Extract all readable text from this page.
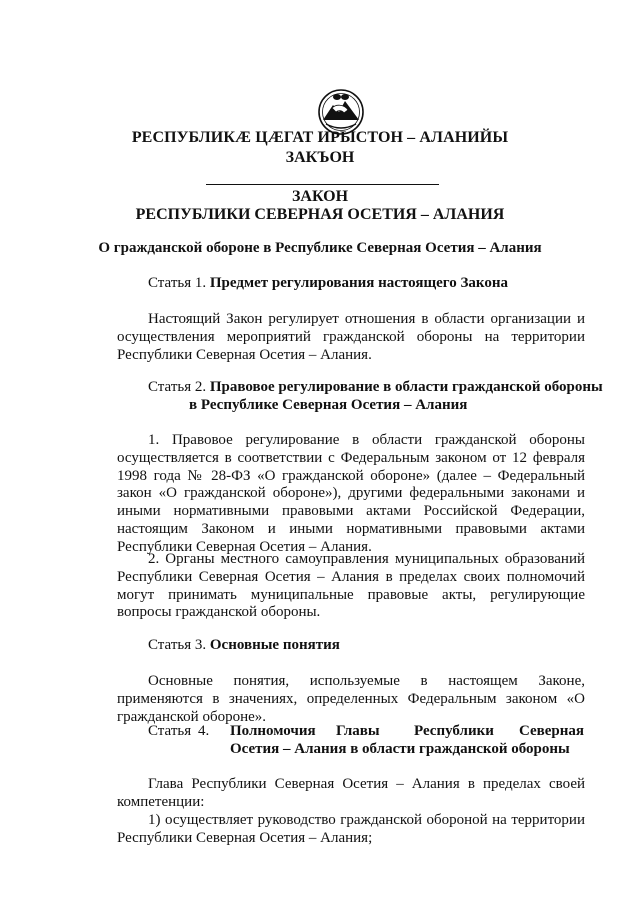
РЕСПУБЛИКӔ ЦӔГАТ ИРЫСТОН – АЛАНИЙЫ
ЗАКЪОН
ЗАКОН
РЕСПУБЛИКИ СЕВЕРНАЯ ОСЕТИЯ – АЛАНИЯ
О гражданской обороне в Республике Северная Осетия – Алания
Статья 1. Предмет регулирования настоящего Закона
Настоящий Закон регулирует отношения в области организации и осуществления мероприятий гражданской обороны на территории Республики Северная Осетия – Алания.
Статья 2. Правовое регулирование в области гражданской обороны
в Республике Северная Осетия – Алания
1. Правовое регулирование в области гражданской обороны осуществляется в соответствии с Федеральным законом от 12 февраля 1998 года № 28-ФЗ «О гражданской обороне» (далее – Федеральный закон «О гражданской обороне»), другими федеральными законами и иными нормативными правовыми актами Российской Федерации, настоящим Законом и иными нормативными правовыми актами Республики Северная Осетия – Алания.
2. Органы местного самоуправления муниципальных образований Республики Северная Осетия – Алания в пределах своих полномочий могут принимать муниципальные правовые акты, регулирующие вопросы гражданской обороны.
Статья 3. Основные понятия
Основные понятия, используемые в настоящем Законе, применяются в значениях, определенных Федеральным законом «О гражданской обороне».
Статья 4. Полномочия Главы Республики Северная
Осетия – Алания в области гражданской обороны
Глава Республики Северная Осетия – Алания в пределах своей компетенции:
1) осуществляет руководство гражданской обороной на территории Республики Северная Осетия – Алания;
